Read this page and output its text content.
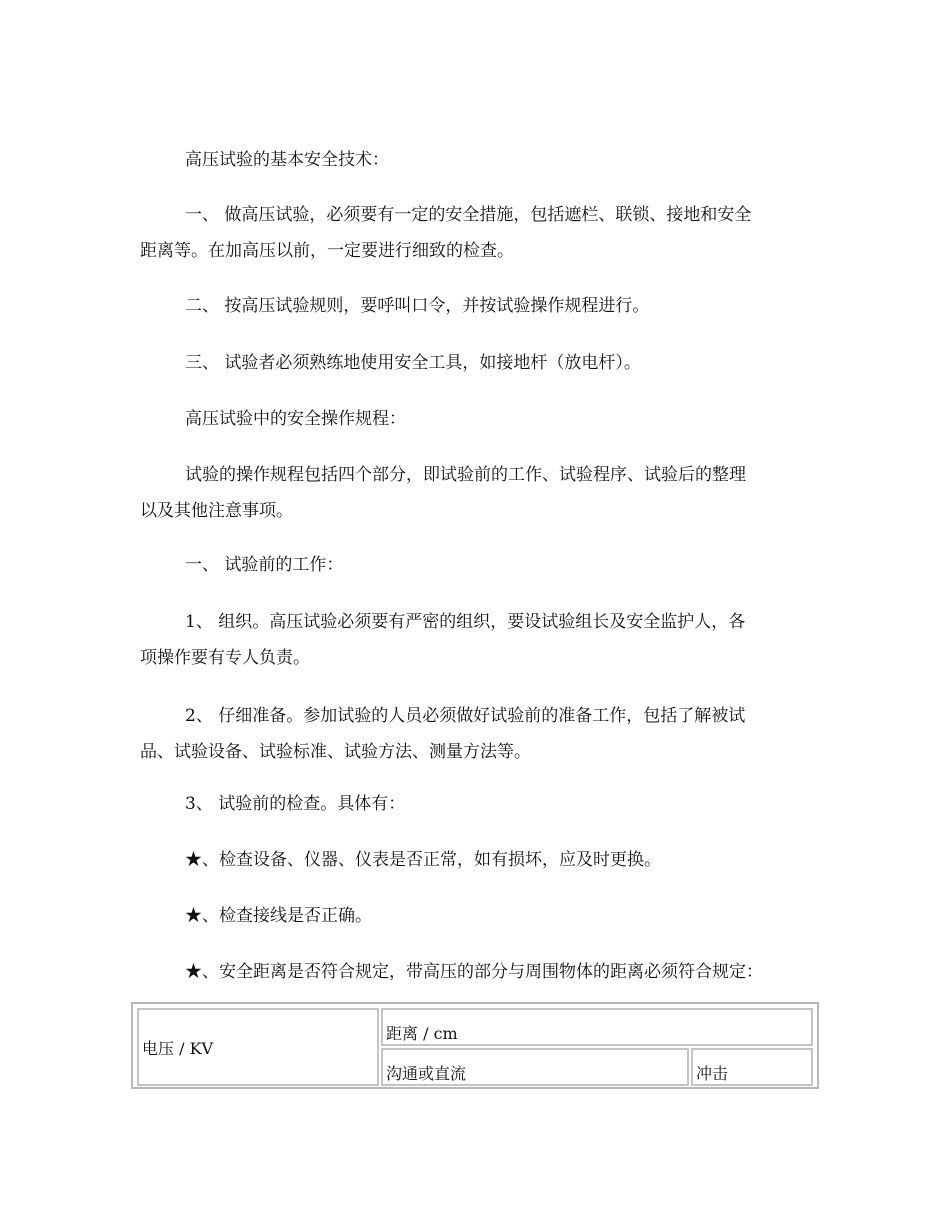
高压试验的基本安全技术：

一、 做高压试验，必须要有一定的安全措施，包括遮栏、联锁、接地和安全
距离等。在加高压以前，一定要进行细致的检查。

二、 按高压试验规则，要呼叫口令，并按试验操作规程进行。

三、 试验者必须熟练地使用安全工具，如接地杆（放电杆）。

高压试验中的安全操作规程：

试验的操作规程包括四个部分，即试验前的工作、试验程序、试验后的整理
以及其他注意事项。

一、 试验前的工作：

1、 组织。高压试验必须要有严密的组织，要设试验组长及安全监护人，各
项操作要有专人负责。

2、 仔细准备。参加试验的人员必须做好试验前的准备工作，包括了解被试
品、试验设备、试验标准、试验方法、测量方法等。

3、 试验前的检查。具体有：

★、检查设备、仪器、仪表是否正常，如有损坏，应及时更换。

★、检查接线是否正确。

★、安全距离是否符合规定，带高压的部分与周围物体的距离必须符合规定：

电压 / KV	距离 / cm	
	沟通或直流	冲击
